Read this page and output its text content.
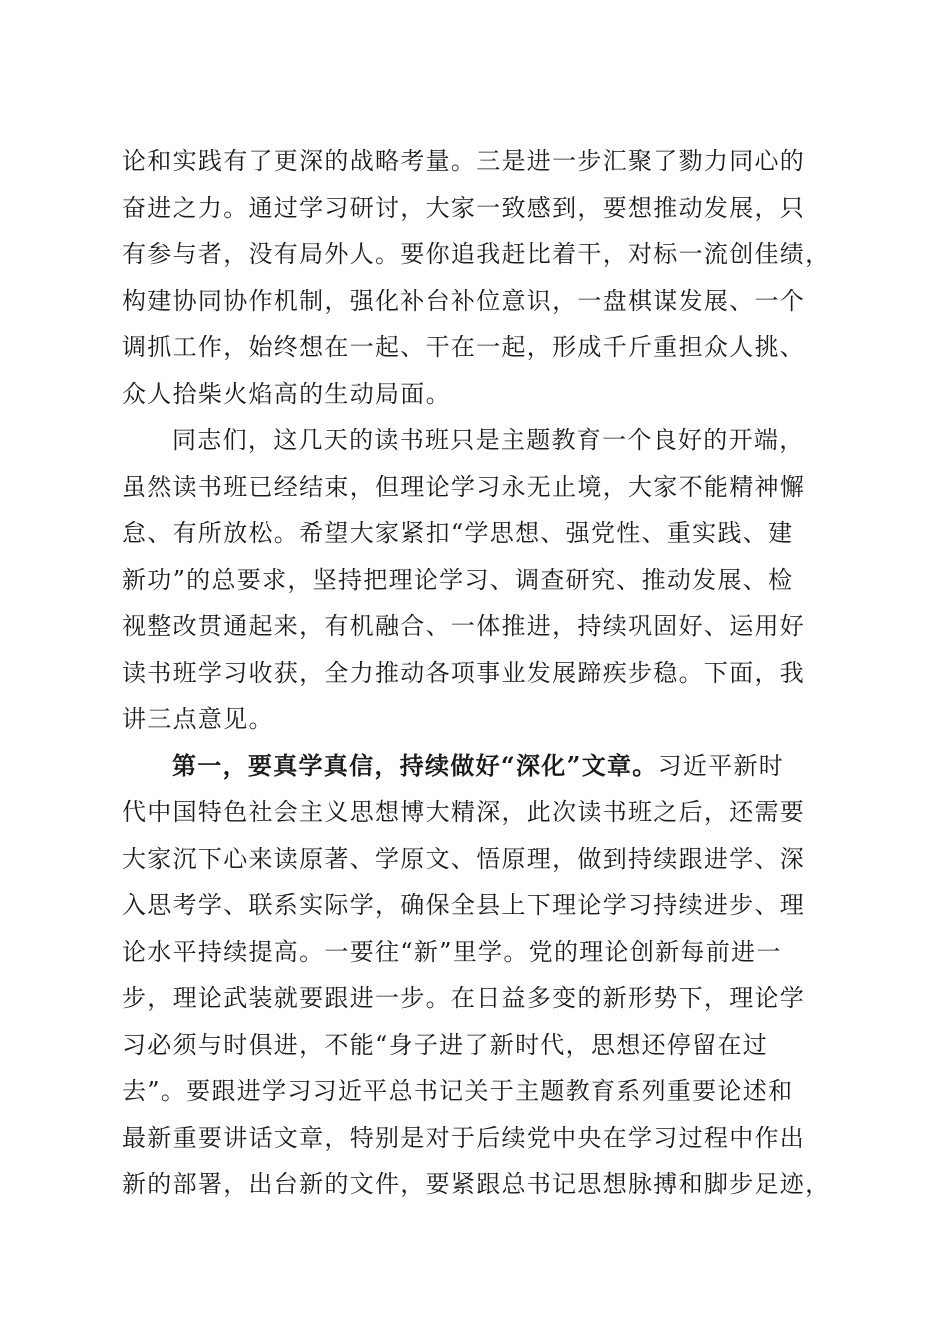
论和实践有了更深的战略考量。三是进一步汇聚了勠力同心的
奋进之力。通过学习研讨，大家一致感到，要想推动发展，只
有参与者，没有局外人。要你追我赶比着干，对标一流创佳绩，
构建协同协作机制，强化补台补位意识，一盘棋谋发展、一个
调抓工作，始终想在一起、干在一起，形成千斤重担众人挑、
众人拾柴火焰高的生动局面。
同志们，这几天的读书班只是主题教育一个良好的开端，
虽然读书班已经结束，但理论学习永无止境，大家不能精神懈
怠、有所放松。希望大家紧扣“学思想、强党性、重实践、建
新功”的总要求，坚持把理论学习、调查研究、推动发展、检
视整改贯通起来，有机融合、一体推进，持续巩固好、运用好
读书班学习收获，全力推动各项事业发展蹄疾步稳。下面，我
讲三点意见。
第一，要真学真信，持续做好“深化”文章。习近平新时
代中国特色社会主义思想博大精深，此次读书班之后，还需要
大家沉下心来读原著、学原文、悟原理，做到持续跟进学、深
入思考学、联系实际学，确保全县上下理论学习持续进步、理
论水平持续提高。一要往“新”里学。党的理论创新每前进一
步，理论武装就要跟进一步。在日益多变的新形势下，理论学
习必须与时俱进，不能“身子进了新时代，思想还停留在过
去”。要跟进学习习近平总书记关于主题教育系列重要论述和
最新重要讲话文章，特别是对于后续党中央在学习过程中作出
新的部署，出台新的文件，要紧跟总书记思想脉搏和脚步足迹，
